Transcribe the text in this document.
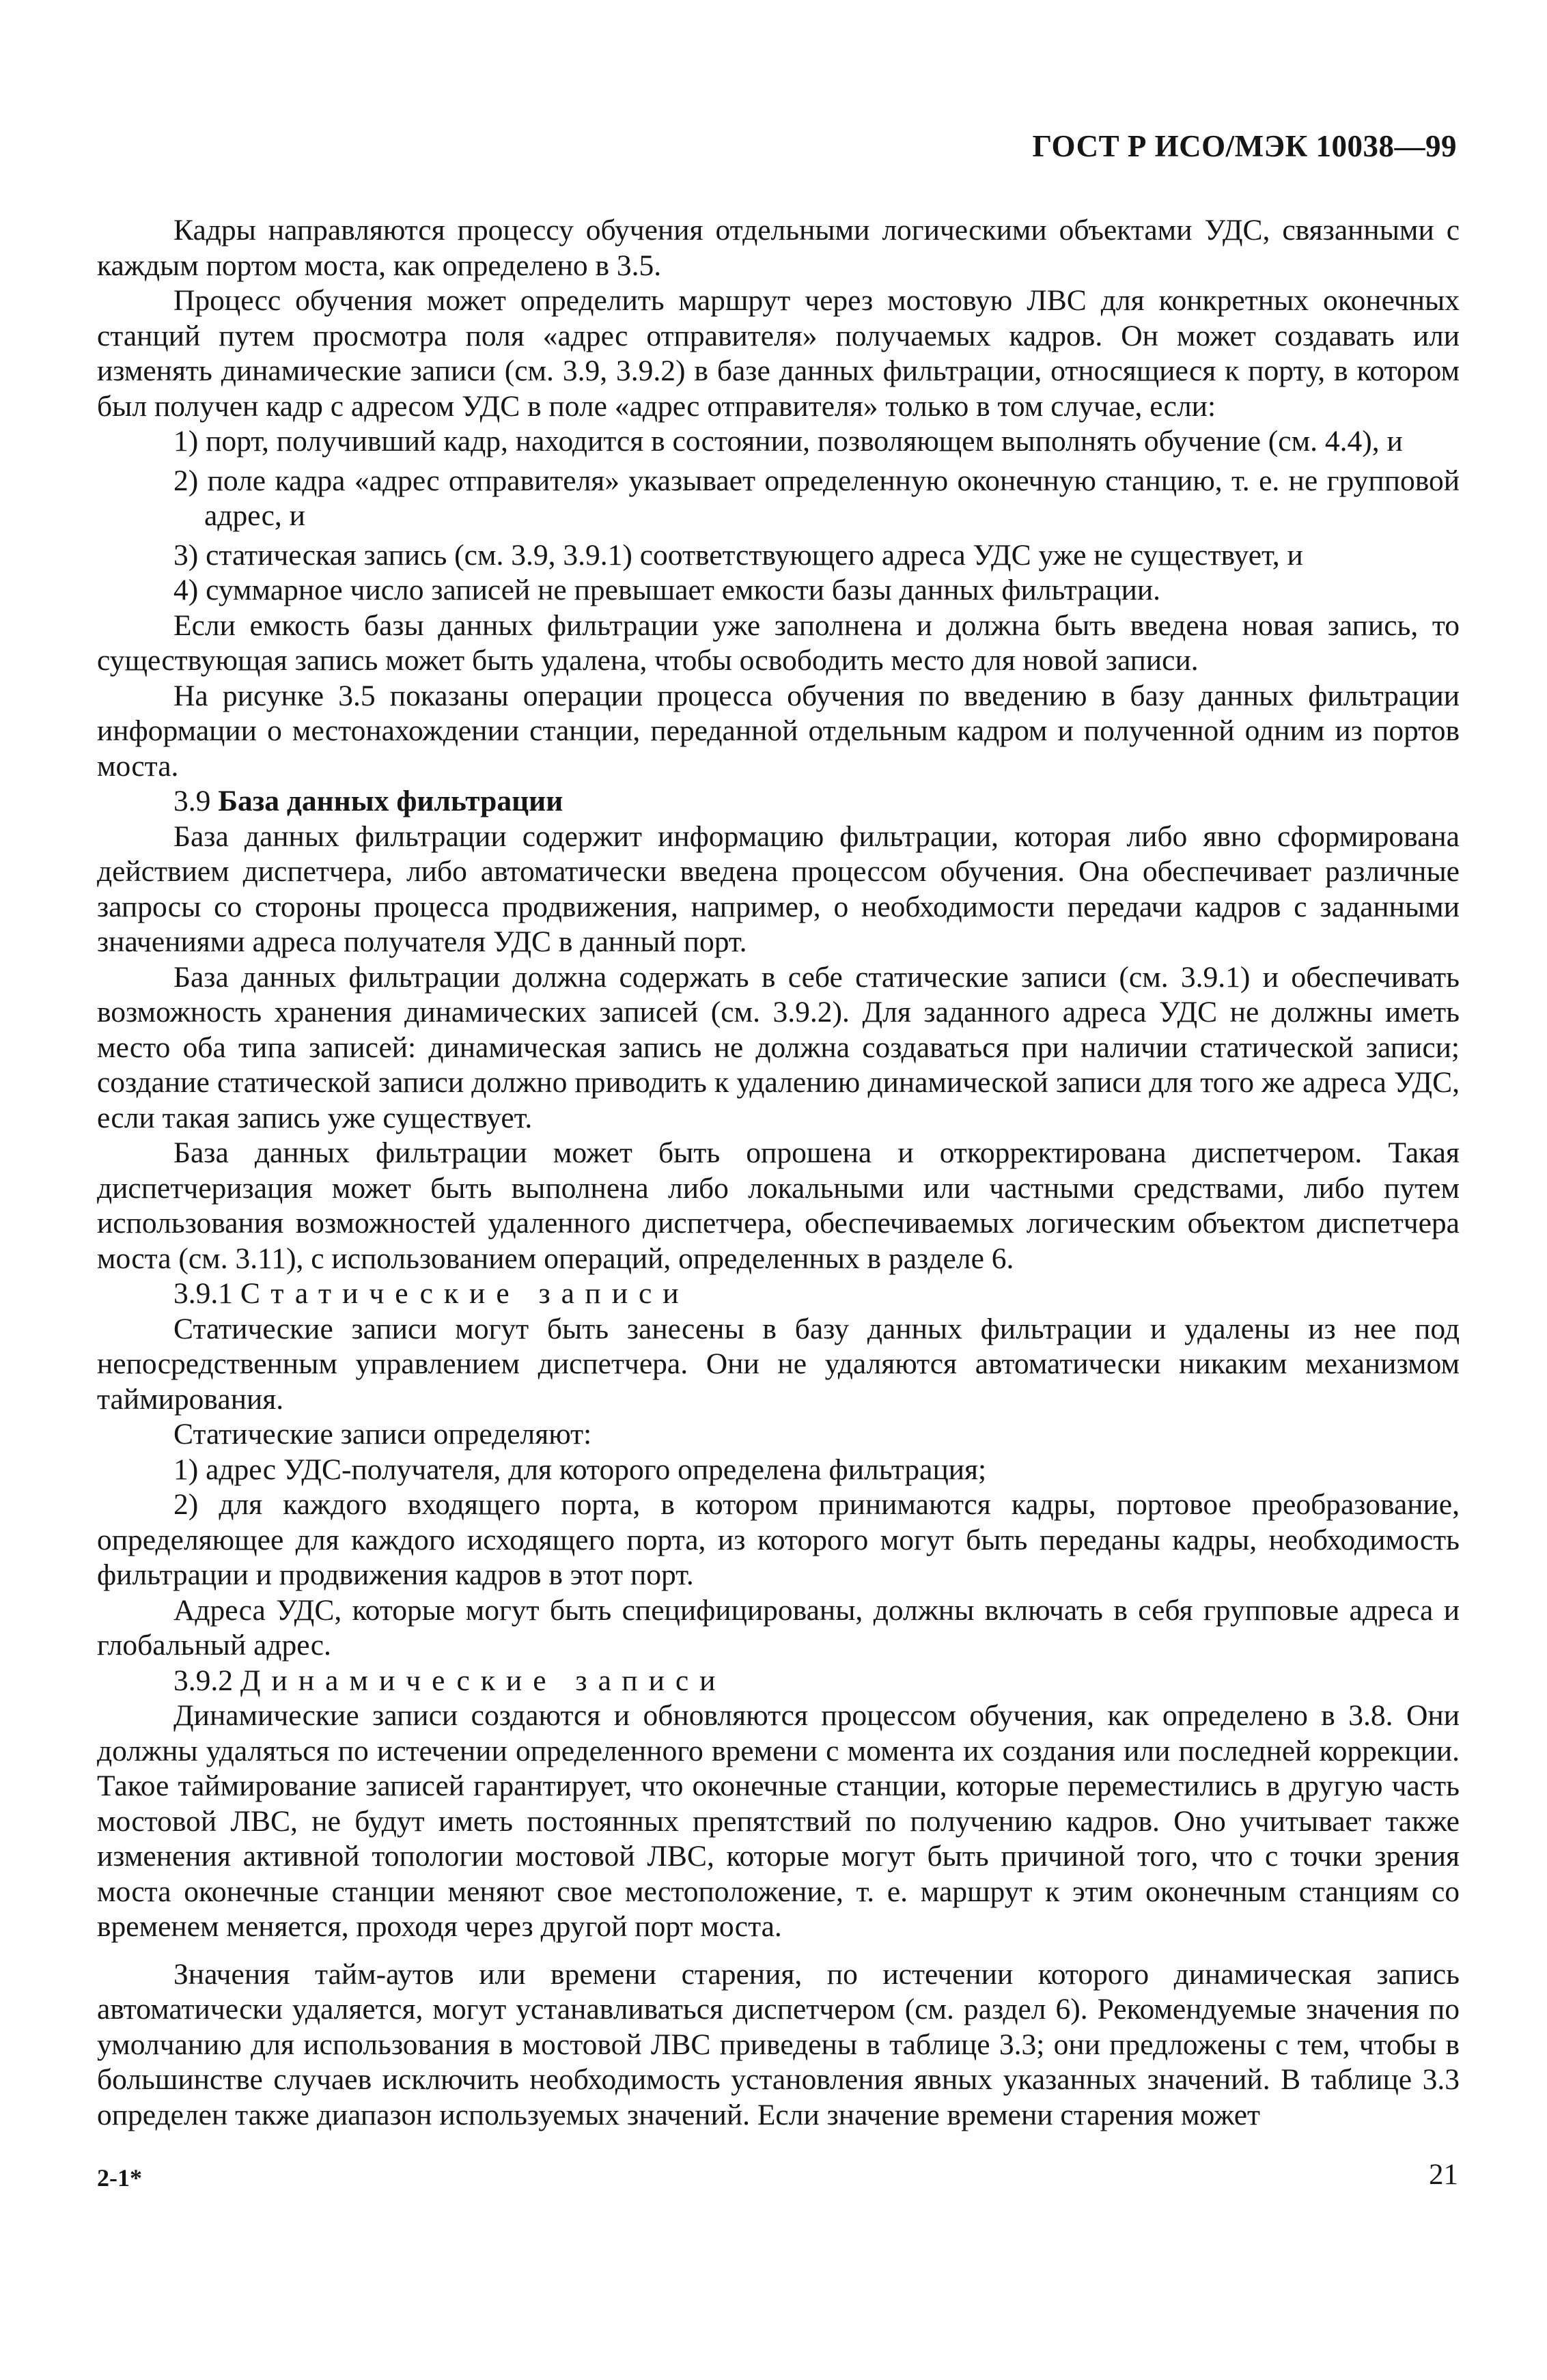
ГОСТ Р ИСО/МЭК 10038—99

Кадры направляются процессу обучения отдельными логическими объектами УДС, связанными с каждым портом моста, как определено в 3.5.

Процесс обучения может определить маршрут через мостовую ЛВС для конкретных оконечных станций путем просмотра поля «адрес отправителя» получаемых кадров. Он может создавать или изменять динамические записи (см. 3.9, 3.9.2) в базе данных фильтрации, относящиеся к порту, в котором был получен кадр с адресом УДС в поле «адрес отправителя» только в том случае, если:

1) порт, получивший кадр, находится в состоянии, позволяющем выполнять обучение (см. 4.4), и

2) поле кадра «адрес отправителя» указывает определенную оконечную станцию, т. е. не групповой адрес, и

3) статическая запись (см. 3.9, 3.9.1) соответствующего адреса УДС уже не существует, и

4) суммарное число записей не превышает емкости базы данных фильтрации.

Если емкость базы данных фильтрации уже заполнена и должна быть введена новая запись, то существующая запись может быть удалена, чтобы освободить место для новой записи.

На рисунке 3.5 показаны операции процесса обучения по введению в базу данных фильтрации информации о местонахождении станции, переданной отдельным кадром и полученной одним из портов моста.

3.9 База данных фильтрации

База данных фильтрации содержит информацию фильтрации, которая либо явно сформирована действием диспетчера, либо автоматически введена процессом обучения. Она обеспечивает различные запросы со стороны процесса продвижения, например, о необходимости передачи кадров с заданными значениями адреса получателя УДС в данный порт.

База данных фильтрации должна содержать в себе статические записи (см. 3.9.1) и обеспечивать возможность хранения динамических записей (см. 3.9.2). Для заданного адреса УДС не должны иметь место оба типа записей: динамическая запись не должна создаваться при наличии статической записи; создание статической записи должно приводить к удалению динамической записи для того же адреса УДС, если такая запись уже существует.

База данных фильтрации может быть опрошена и откорректирована диспетчером. Такая диспетчеризация может быть выполнена либо локальными или частными средствами, либо путем использования возможностей удаленного диспетчера, обеспечиваемых логическим объектом диспетчера моста (см. 3.11), с использованием операций, определенных в разделе 6.

3.9.1 Статические записи

Статические записи могут быть занесены в базу данных фильтрации и удалены из нее под непосредственным управлением диспетчера. Они не удаляются автоматически никаким механизмом таймирования.

Статические записи определяют:

1) адрес УДС-получателя, для которого определена фильтрация;

2) для каждого входящего порта, в котором принимаются кадры, портовое преобразование, определяющее для каждого исходящего порта, из которого могут быть переданы кадры, необходимость фильтрации и продвижения кадров в этот порт.

Адреса УДС, которые могут быть специфицированы, должны включать в себя групповые адреса и глобальный адрес.

3.9.2 Динамические записи

Динамические записи создаются и обновляются процессом обучения, как определено в 3.8. Они должны удаляться по истечении определенного времени с момента их создания или последней коррекции. Такое таймирование записей гарантирует, что оконечные станции, которые переместились в другую часть мостовой ЛВС, не будут иметь постоянных препятствий по получению кадров. Оно учитывает также изменения активной топологии мостовой ЛВС, которые могут быть причиной того, что с точки зрения моста оконечные станции меняют свое местоположение, т. е. маршрут к этим оконечным станциям со временем меняется, проходя через другой порт моста.

Значения тайм-аутов или времени старения, по истечении которого динамическая запись автоматически удаляется, могут устанавливаться диспетчером (см. раздел 6). Рекомендуемые значения по умолчанию для использования в мостовой ЛВС приведены в таблице 3.3; они предложены с тем, чтобы в большинстве случаев исключить необходимость установления явных указанных значений. В таблице 3.3 определен также диапазон используемых значений. Если значение времени старения может

2-1*	21
